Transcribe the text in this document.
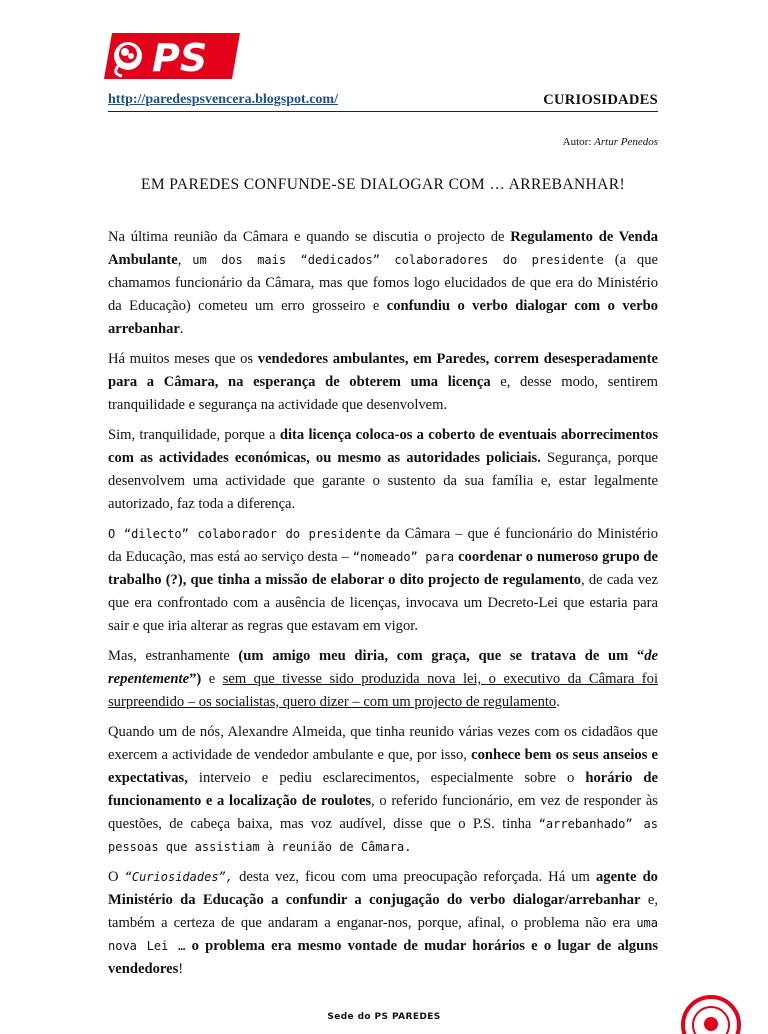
PS
http://paredespsvencera.blogspot.com/	CURIOSIDADES
Autor: Artur Penedos
EM PAREDES CONFUNDE-SE DIALOGAR COM … ARREBANHAR!

Na última reunião da Câmara e quando se discutia o projecto de Regulamento de Venda Ambulante, um dos mais “dedicados” colaboradores do presidente (a que chamamos funcionário da Câmara, mas que fomos logo elucidados de que era do Ministério da Educação) cometeu um erro grosseiro e confundiu o verbo dialogar com o verbo arrebanhar.

Há muitos meses que os vendedores ambulantes, em Paredes, correm desesperadamente para a Câmara, na esperança de obterem uma licença e, desse modo, sentirem tranquilidade e segurança na actividade que desenvolvem.

Sim, tranquilidade, porque a dita licença coloca-os a coberto de eventuais aborrecimentos com as actividades económicas, ou mesmo as autoridades policiais. Segurança, porque desenvolvem uma actividade que garante o sustento da sua família e, estar legalmente autorizado, faz toda a diferença.

O “dilecto” colaborador do presidente da Câmara – que é funcionário do Ministério da Educação, mas está ao serviço desta – “nomeado” para coordenar o numeroso grupo de trabalho (?), que tinha a missão de elaborar o dito projecto de regulamento, de cada vez que era confrontado com a ausência de licenças, invocava um Decreto-Lei que estaria para sair e que iria alterar as regras que estavam em vigor.

Mas, estranhamente (um amigo meu diria, com graça, que se tratava de um “de repentemente”) e sem que tivesse sido produzida nova lei, o executivo da Câmara foi surpreendido – os socialistas, quero dizer – com um projecto de regulamento.

Quando um de nós, Alexandre Almeida, que tinha reunido várias vezes com os cidadãos que exercem a actividade de vendedor ambulante e que, por isso, conhece bem os seus anseios e expectativas, interveio e pediu esclarecimentos, especialmente sobre o horário de funcionamento e a localização de roulotes, o referido funcionário, em vez de responder às questões, de cabeça baixa, mas voz audível, disse que o P.S. tinha “arrebanhado” as pessoas que assistiam à reunião de Câmara.

O “Curiosidades”, desta vez, ficou com uma preocupação reforçada. Há um agente do Ministério da Educação a confundir a conjugação do verbo dialogar/arrebanhar e, também a certeza de que andaram a enganar-nos, porque, afinal, o problema não era uma nova Lei … o problema era mesmo vontade de mudar horários e o lugar de alguns vendedores!

Sede do PS PAREDES
